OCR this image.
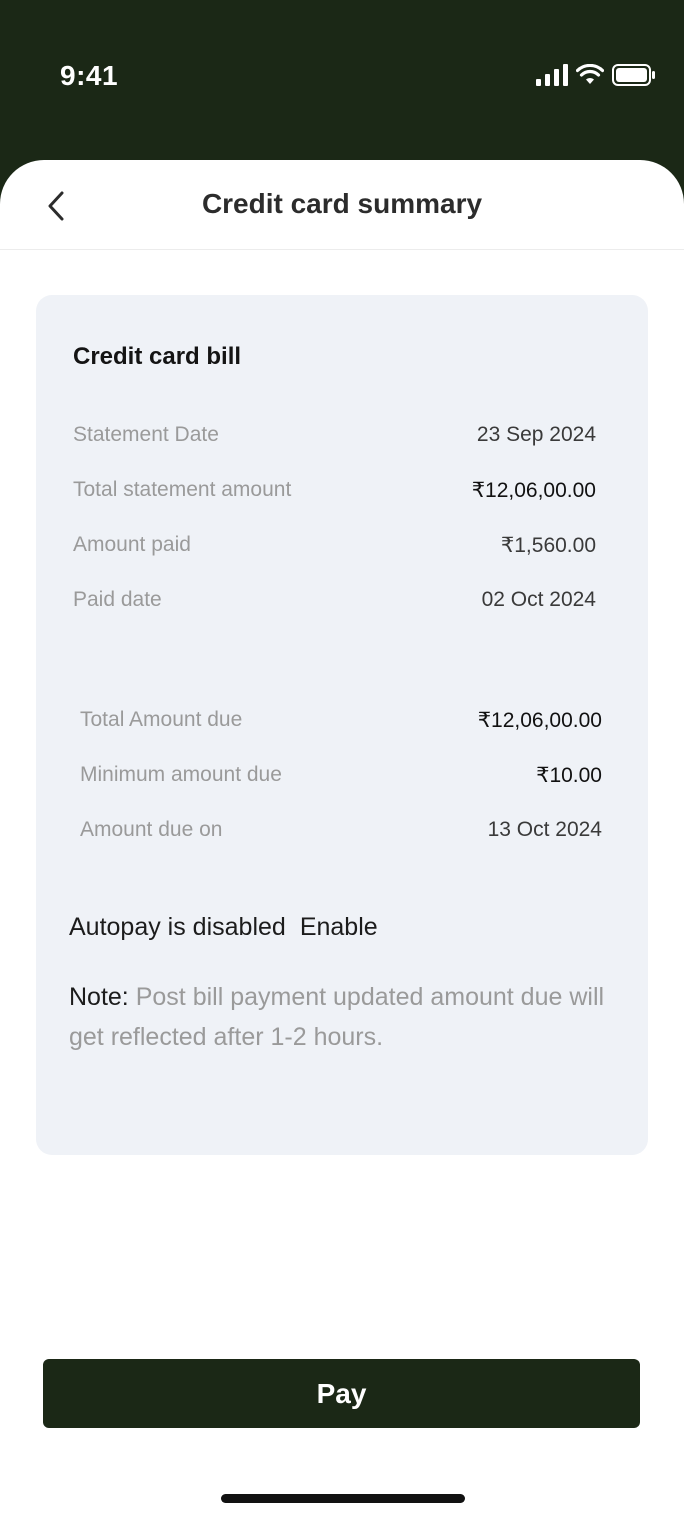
9:41
Credit card summary
Credit card bill
Statement Date	23 Sep 2024
Total statement amount	₹12,06,00.00
Amount paid	₹1,560.00
Paid date	02 Oct 2024
Total Amount due	₹12,06,00.00
Minimum amount due	₹10.00
Amount due on	13 Oct 2024
Autopay is disabled Enable
Note: Post bill payment updated amount due will get reflected after 1-2 hours.
Pay
